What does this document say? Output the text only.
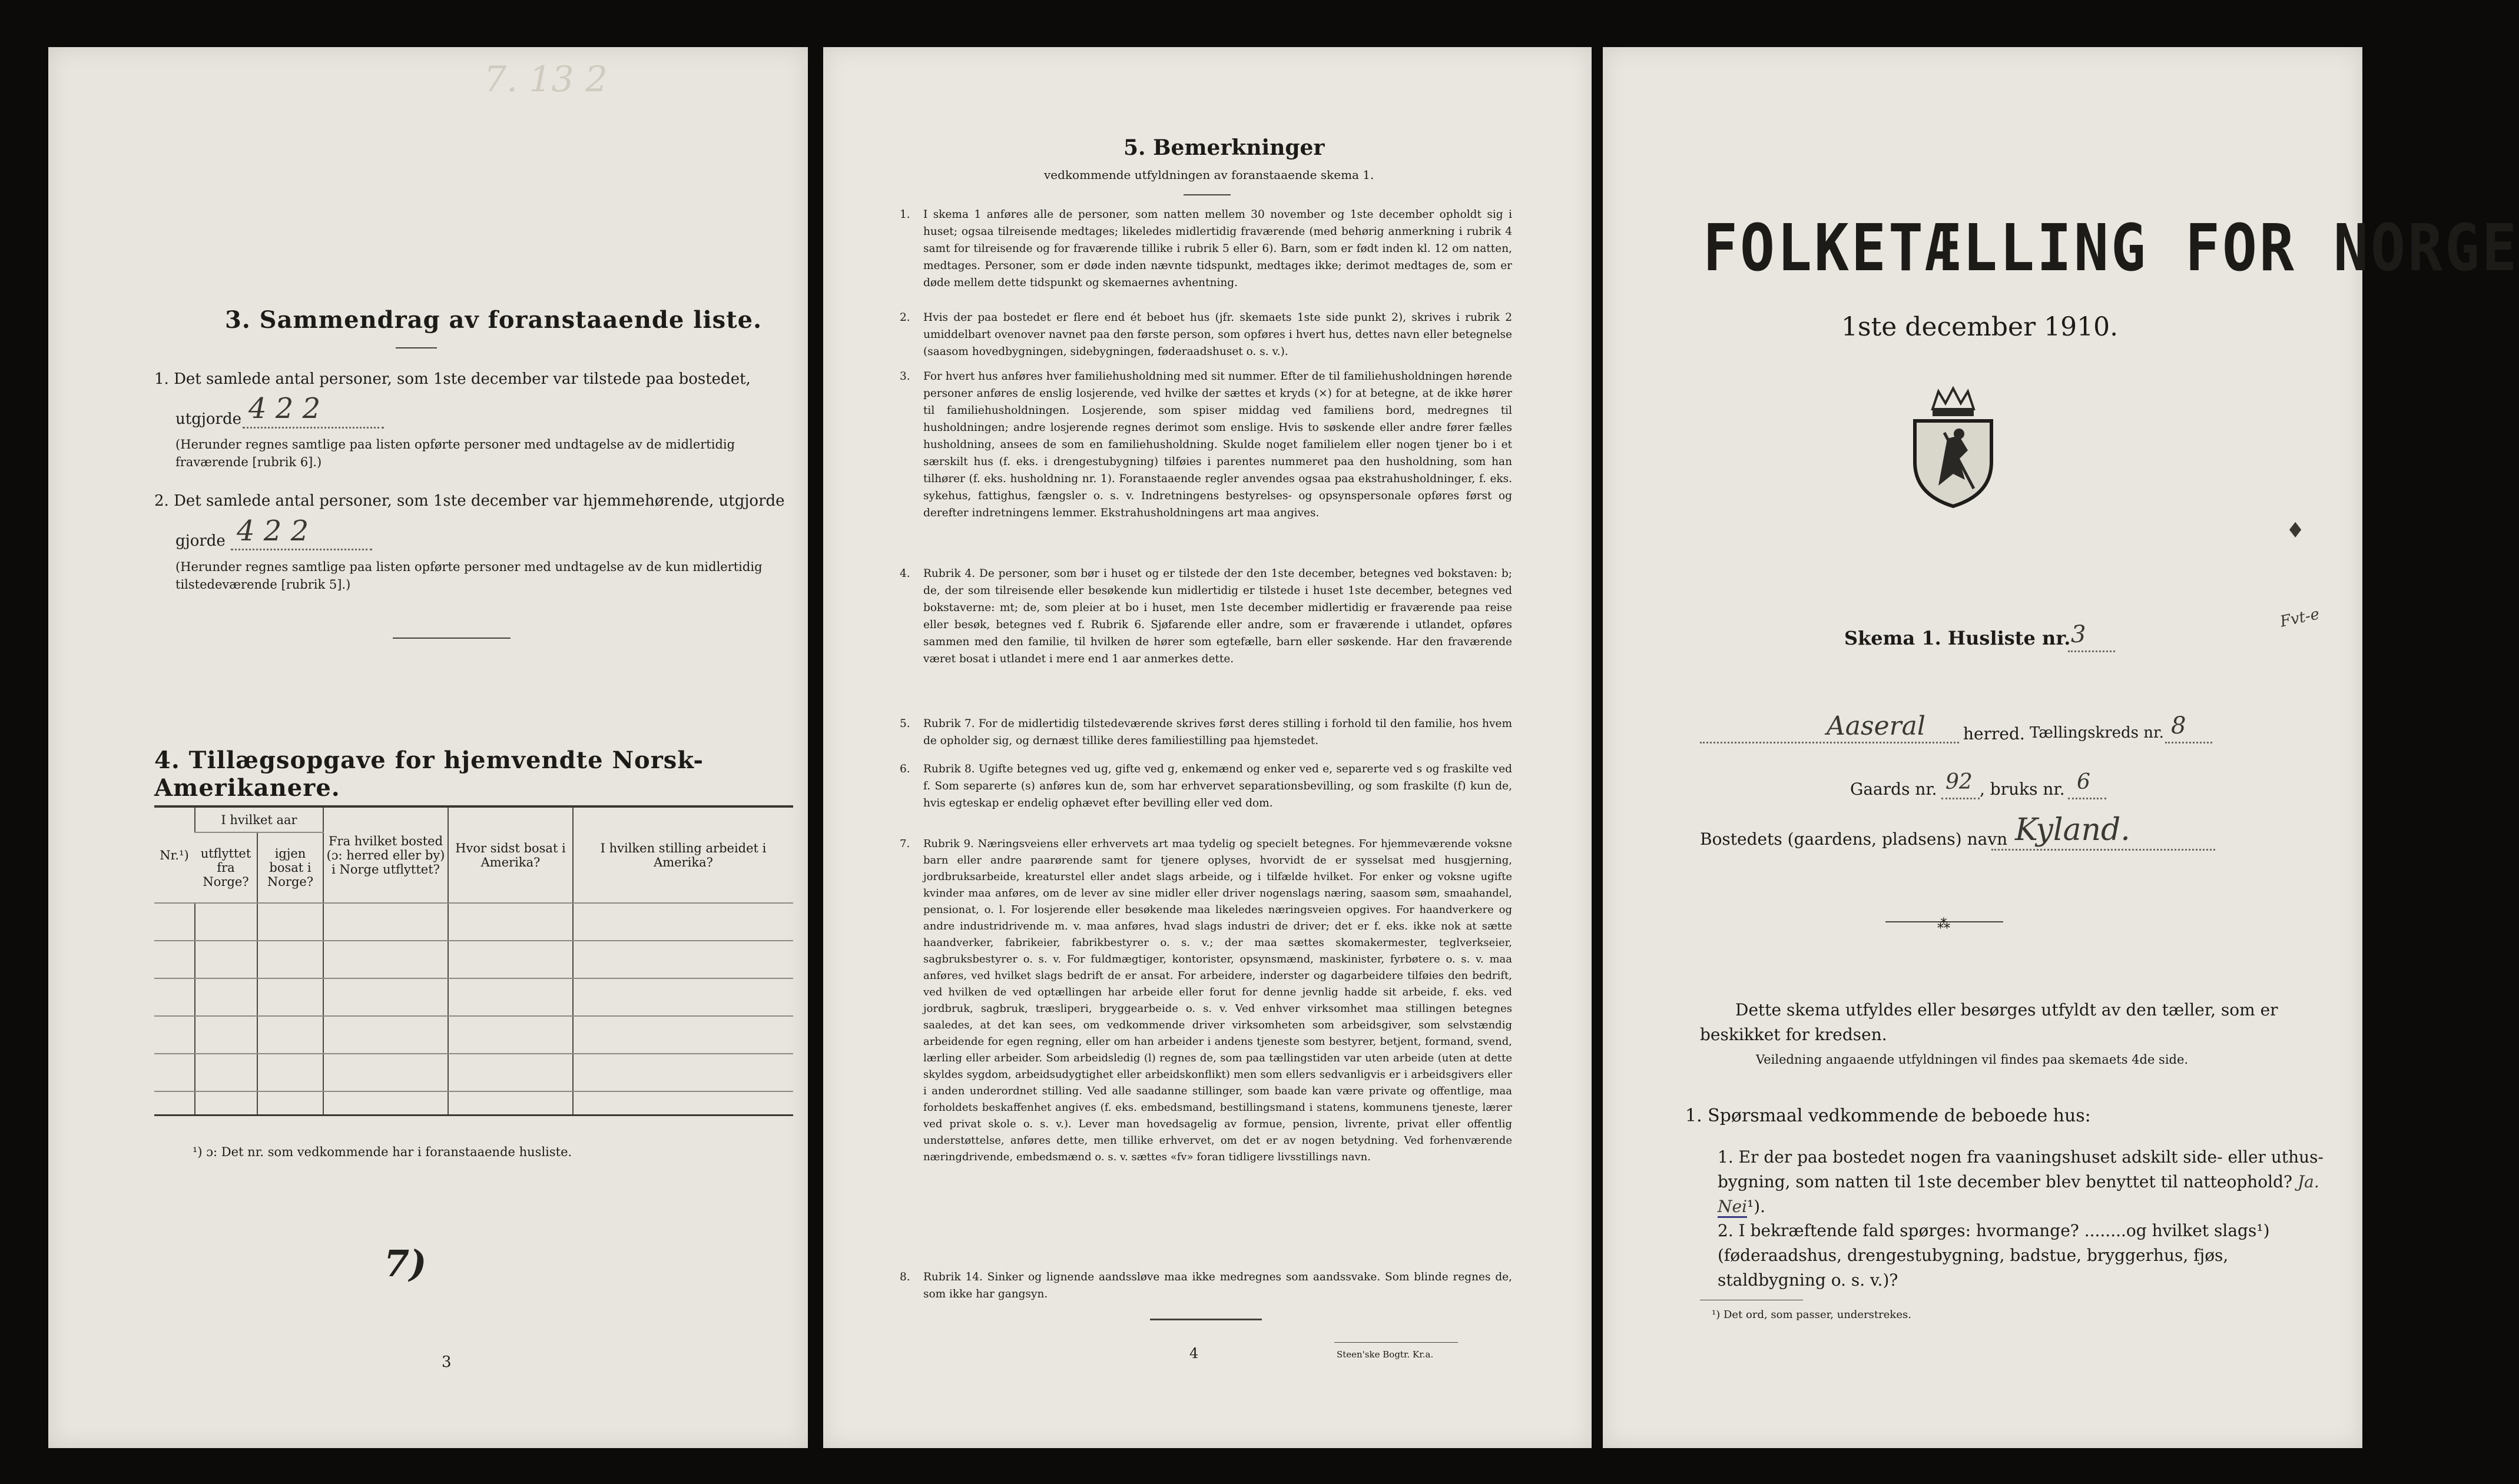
7. 13 2
3. Sammendrag av foranstaaende liste.
1. Det samlede antal personer, som 1ste december var tilstede paa bostedet,
utgjorde 4 2 2
(Herunder regnes samtlige paa listen opførte personer med undtagelse av de midlertidig fraværende [rubrik 6].)
2. Det samlede antal personer, som 1ste december var hjemmehørende, utgjorde
gjorde 4 2 2
(Herunder regnes samtlige paa listen opførte personer med undtagelse av de kun midlertidig tilstedeværende [rubrik 5].)
4. Tillægsopgave for hjemvendte Norsk-Amerikanere.
Nr.¹)	I hvilket aar		Fra hvilket bosted (ɔ: herred eller by) i Norge utflyttet?	Hvor sidst bosat i Amerika?	I hvilken stilling arbeidet i Amerika?
	utflyttet fra Norge?	igjen bosat i Norge?			

¹) ɔ: Det nr. som vedkommende har i foranstaaende husliste.
7)
3
5. Bemerkninger
vedkommende utfyldningen av foranstaaende skema 1.
1. I skema 1 anføres alle de personer, som natten mellem 30 november og 1ste december opholdt sig i huset; ogsaa tilreisende medtages; likeledes midlertidig fraværende (med behørig anmerkning i rubrik 4 samt for tilreisende og for fraværende tillike i rubrik 5 eller 6). Barn, som er født inden kl. 12 om natten, medtages. Personer, som er døde inden nævnte tidspunkt, medtages ikke; derimot medtages de, som er døde mellem dette tidspunkt og skemaernes avhentning.
2. Hvis der paa bostedet er flere end ét beboet hus (jfr. skemaets 1ste side punkt 2), skrives i rubrik 2 umiddelbart ovenover navnet paa den første person, som opføres i hvert hus, dettes navn eller betegnelse (saasom hovedbygningen, sidebygningen, føderaadshuset o. s. v.).
3. For hvert hus anføres hver familiehusholdning med sit nummer. Efter de til familiehusholdningen hørende personer anføres de enslig losjerende, ved hvilke der sættes et kryds (×) for at betegne, at de ikke hører til familiehusholdningen. Losjerende, som spiser middag ved familiens bord, medregnes til husholdningen; andre losjerende regnes derimot som enslige. Hvis to søskende eller andre fører fælles husholdning, ansees de som en familiehusholdning. Skulde noget familielem eller nogen tjener bo i et særskilt hus (f. eks. i drengestubygning) tilføies i parentes nummeret paa den husholdning, som han tilhører (f. eks. husholdning nr. 1). Foranstaaende regler anvendes ogsaa paa ekstrahusholdninger, f. eks. sykehus, fattighus, fængsler o. s. v. Indretningens bestyrelses- og opsynspersonale opføres først og derefter indretningens lemmer. Ekstrahusholdningens art maa angives.
4. Rubrik 4. De personer, som bør i huset og er tilstede der den 1ste december, betegnes ved bokstaven: b; de, der som tilreisende eller besøkende kun midlertidig er tilstede i huset 1ste december, betegnes ved bokstaverne: mt; de, som pleier at bo i huset, men 1ste december midlertidig er fraværende paa reise eller besøk, betegnes ved f. Rubrik 6. Sjøfarende eller andre, som er fraværende i utlandet, opføres sammen med den familie, til hvilken de hører som egtefælle, barn eller søskende. Har den fraværende været bosat i utlandet i mere end 1 aar anmerkes dette.
5. Rubrik 7. For de midlertidig tilstedeværende skrives først deres stilling i forhold til den familie, hos hvem de opholder sig, og dernæst tillike deres familiestilling paa hjemstedet.
6. Rubrik 8. Ugifte betegnes ved ug, gifte ved g, enkemænd og enker ved e, separerte ved s og fraskilte ved f. Som separerte (s) anføres kun de, som har erhvervet separationsbevilling, og som fraskilte (f) kun de, hvis egteskap er endelig ophævet efter bevilling eller ved dom.
7. Rubrik 9. Næringsveiens eller erhvervets art maa tydelig og specielt betegnes. For hjemmeværende voksne barn eller andre paarørende samt for tjenere oplyses, hvorvidt de er sysselsat med husgjerning, jordbruksarbeide, kreaturstel eller andet slags arbeide, og i tilfælde hvilket. For enker og voksne ugifte kvinder maa anføres, om de lever av sine midler eller driver nogenslags næring, saasom søm, smaahandel, pensionat, o. l. For losjerende eller besøkende maa likeledes næringsveien opgives. For haandverkere og andre industridrivende m. v. maa anføres, hvad slags industri de driver; det er f. eks. ikke nok at sætte haandverker, fabrikeier, fabrikbestyrer o. s. v.; der maa sættes skomakermester, teglverkseier, sagbruksbestyrer o. s. v. For fuldmægtiger, kontorister, opsynsmænd, maskinister, fyrbøtere o. s. v. maa anføres, ved hvilket slags bedrift de er ansat. For arbeidere, inderster og dagarbeidere tilføies den bedrift, ved hvilken de ved optællingen har arbeide eller forut for denne jevnlig hadde sit arbeide, f. eks. ved jordbruk, sagbruk, træsliperi, bryggearbeide o. s. v. Ved enhver virksomhet maa stillingen betegnes saaledes, at det kan sees, om vedkommende driver virksomheten som arbeidsgiver, som selvstændig arbeidende for egen regning, eller om han arbeider i andens tjeneste som bestyrer, betjent, formand, svend, lærling eller arbeider. Som arbeidsledig (l) regnes de, som paa tællingstiden var uten arbeide (uten at dette skyldes sygdom, arbeidsudygtighet eller arbeidskonflikt) men som ellers sedvanligvis er i arbeidsgivers eller i anden underordnet stilling. Ved alle saadanne stillinger, som baade kan være private og offentlige, maa forholdets beskaffenhet angives (f. eks. embedsmand, bestillingsmand i statens, kommunens tjeneste, lærer ved privat skole o. s. v.). Lever man hovedsagelig av formue, pension, livrente, privat eller offentlig understøttelse, anføres dette, men tillike erhvervet, om det er av nogen betydning. Ved forhenværende næringdrivende, embedsmænd o. s. v. sættes «fv» foran tidligere livsstillings navn.
8. Rubrik 14. Sinker og lignende aandssløve maa ikke medregnes som aandssvake. Som blinde regnes de, som ikke har gangsyn.
4	Steen'ske Bogtr. Kr.a.
FOLKETÆLLING FOR NORGE
1ste december 1910.
♦
Fvt-e
Skema 1. Husliste nr. 3
Aaseral herred. Tællingskreds nr. 8
Gaards nr. 92 , bruks nr. 6
Bostedets (gaardens, pladsens) navn Kyland.
⁂
Dette skema utfyldes eller besørges utfyldt av den tæller, som er beskikket for kredsen.
Veiledning angaaende utfyldningen vil findes paa skemaets 4de side.
1. Spørsmaal vedkommende de beboede hus:
1. Er der paa bostedet nogen fra vaaningshuset adskilt side- eller uthus-bygning, som natten til 1ste december blev benyttet til natteophold? Ja. Nei¹).
2. I bekræftende fald spørges: hvormange? ........og hvilket slags¹) (føderaadshus, drengestubygning, badstue, bryggerhus, fjøs, staldbygning o. s. v.)?
¹) Det ord, som passer, understrekes.
